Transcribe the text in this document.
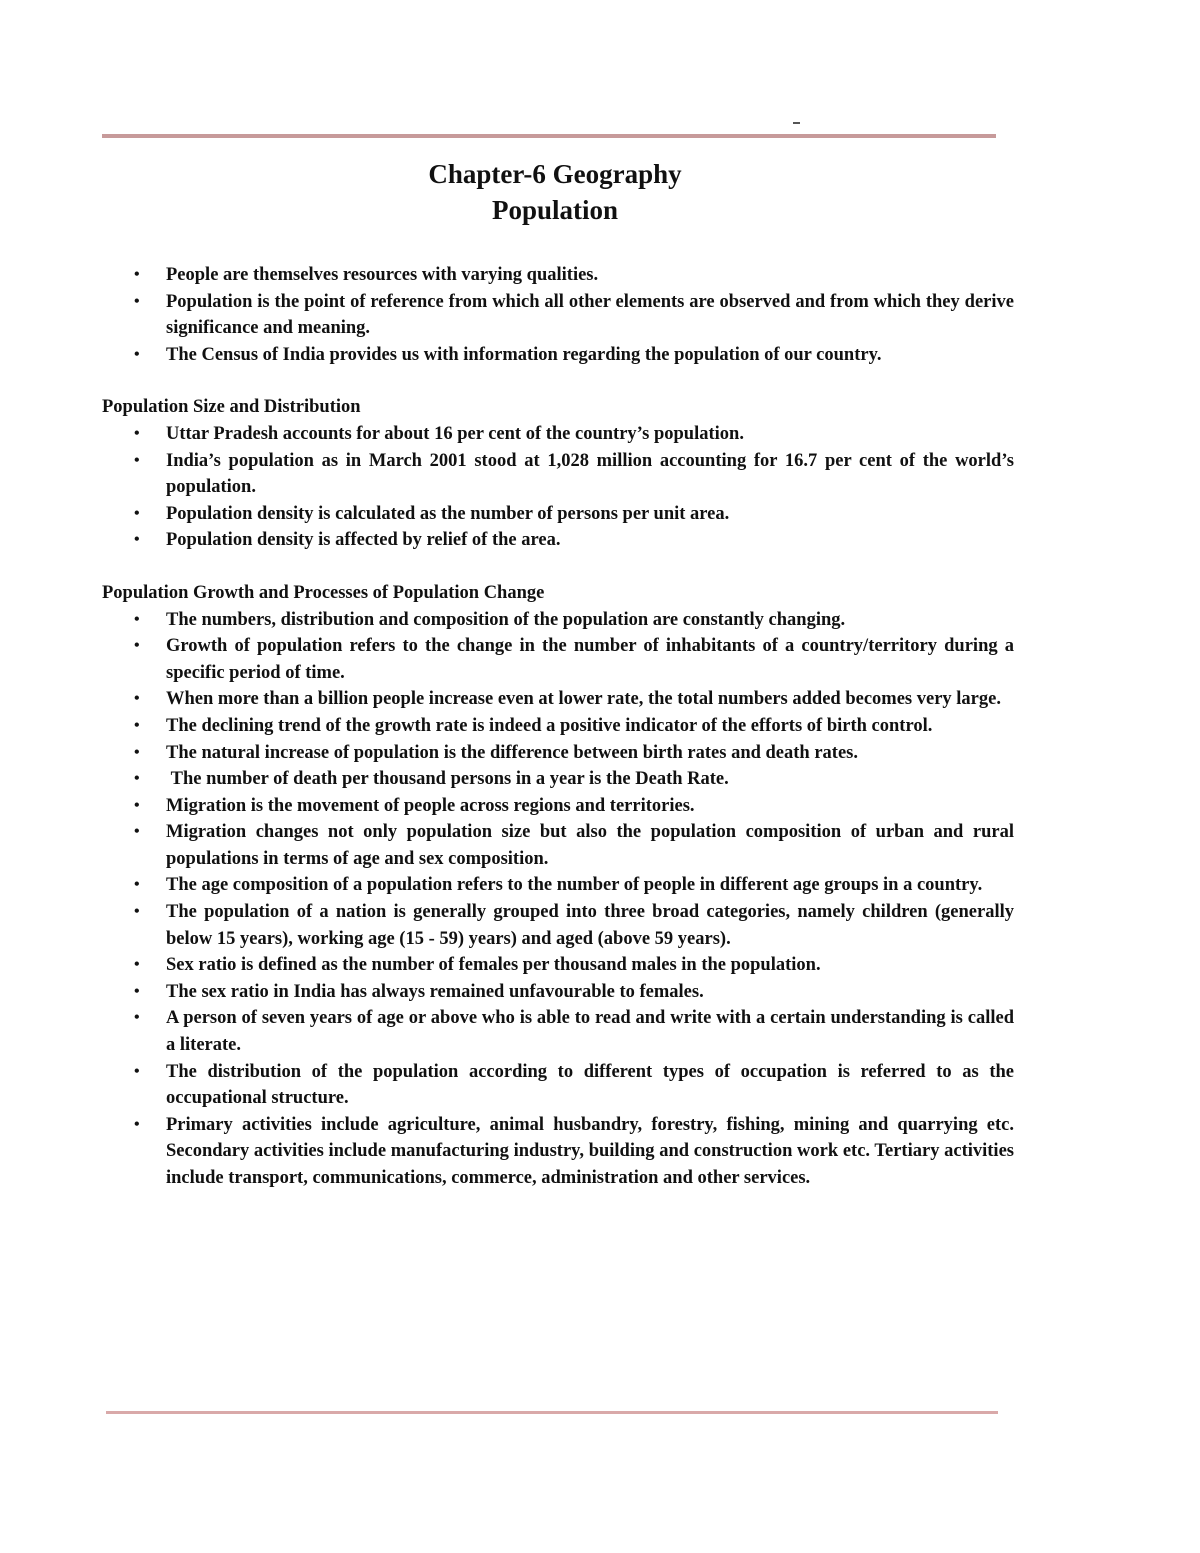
Chapter-6 Geography
Population
•	People are themselves resources with varying qualities.
•	Population is the point of reference from which all other elements are observed and from which they derive significance and meaning.
•	The Census of India provides us with information regarding the population of our country.
Population Size and Distribution
•	Uttar Pradesh accounts for about 16 per cent of the country’s population.
•	India’s population as in March 2001 stood at 1,028 million accounting for 16.7 per cent of the world’s population.
•	Population density is calculated as the number of persons per unit area.
•	Population density is affected by relief of the area.
Population Growth and Processes of Population Change
•	The numbers, distribution and composition of the population are constantly changing.
•	Growth of population refers to the change in the number of inhabitants of a country/territory during a specific period of time.
•	When more than a billion people increase even at lower rate, the total numbers added becomes very large.
•	The declining trend of the growth rate is indeed a positive indicator of the efforts of birth control.
•	The natural increase of population is the difference between birth rates and death rates.
•	The number of death per thousand persons in a year is the Death Rate.
•	Migration is the movement of people across regions and territories.
•	Migration changes not only population size but also the population composition of urban and rural populations in terms of age and sex composition.
•	The age composition of a population refers to the number of people in different age groups in a country.
•	The population of a nation is generally grouped into three broad categories, namely children (generally below 15 years), working age (15 - 59) years) and aged (above 59 years).
•	Sex ratio is defined as the number of females per thousand males in the population.
•	The sex ratio in India has always remained unfavourable to females.
•	A person of seven years of age or above who is able to read and write with a certain understanding is called a literate.
•	The distribution of the population according to different types of occupation is referred to as the occupational structure.
•	Primary activities include agriculture, animal husbandry, forestry, fishing, mining and quarrying etc. Secondary activities include manufacturing industry, building and construction work etc. Tertiary activities include transport, communications, commerce, administration and other services.
